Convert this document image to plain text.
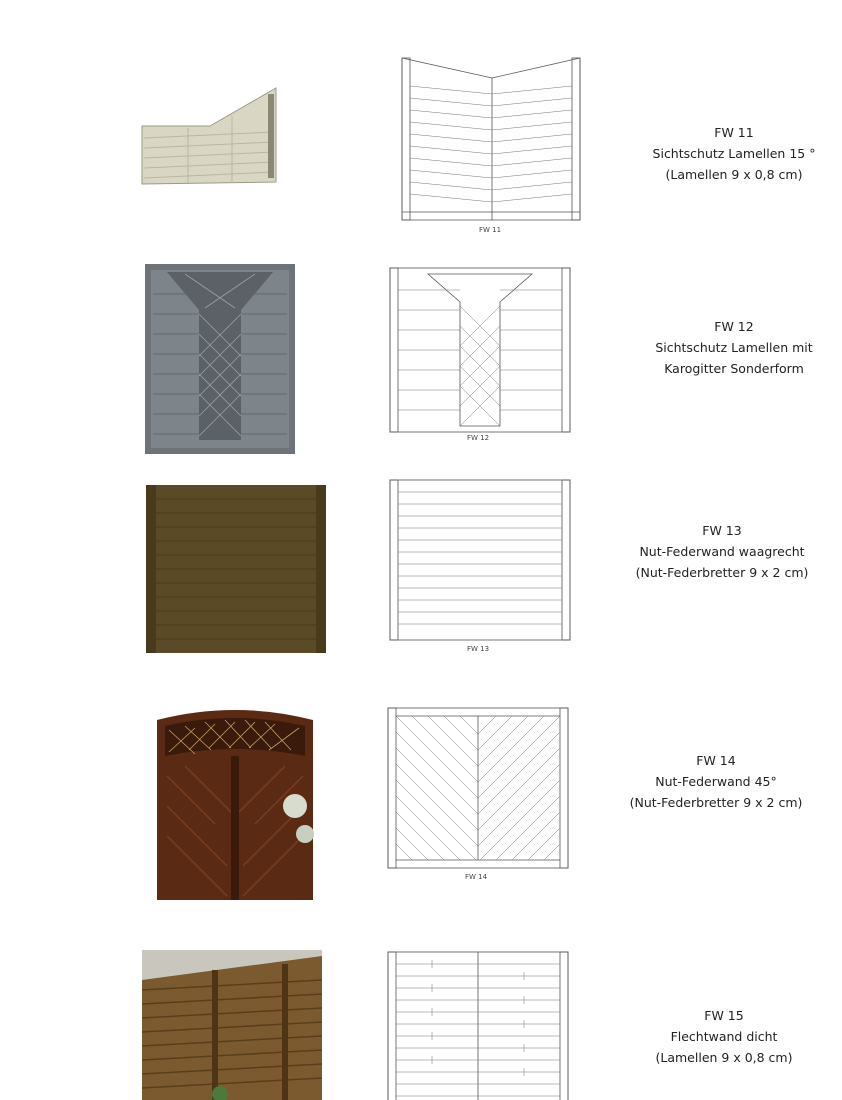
FW 11
FW 11
Sichtschutz Lamellen 15 °
(Lamellen 9 x 0,8 cm)
FW 12
FW 12
Sichtschutz Lamellen mit
Karogitter Sonderform
FW 13
FW 13
Nut-Federwand waagrecht
(Nut-Federbretter 9 x 2 cm)
FW 14
FW 14
Nut-Federwand 45°
(Nut-Federbretter 9 x 2 cm)
FW 15
Flechtwand dicht
(Lamellen 9 x 0,8 cm)
